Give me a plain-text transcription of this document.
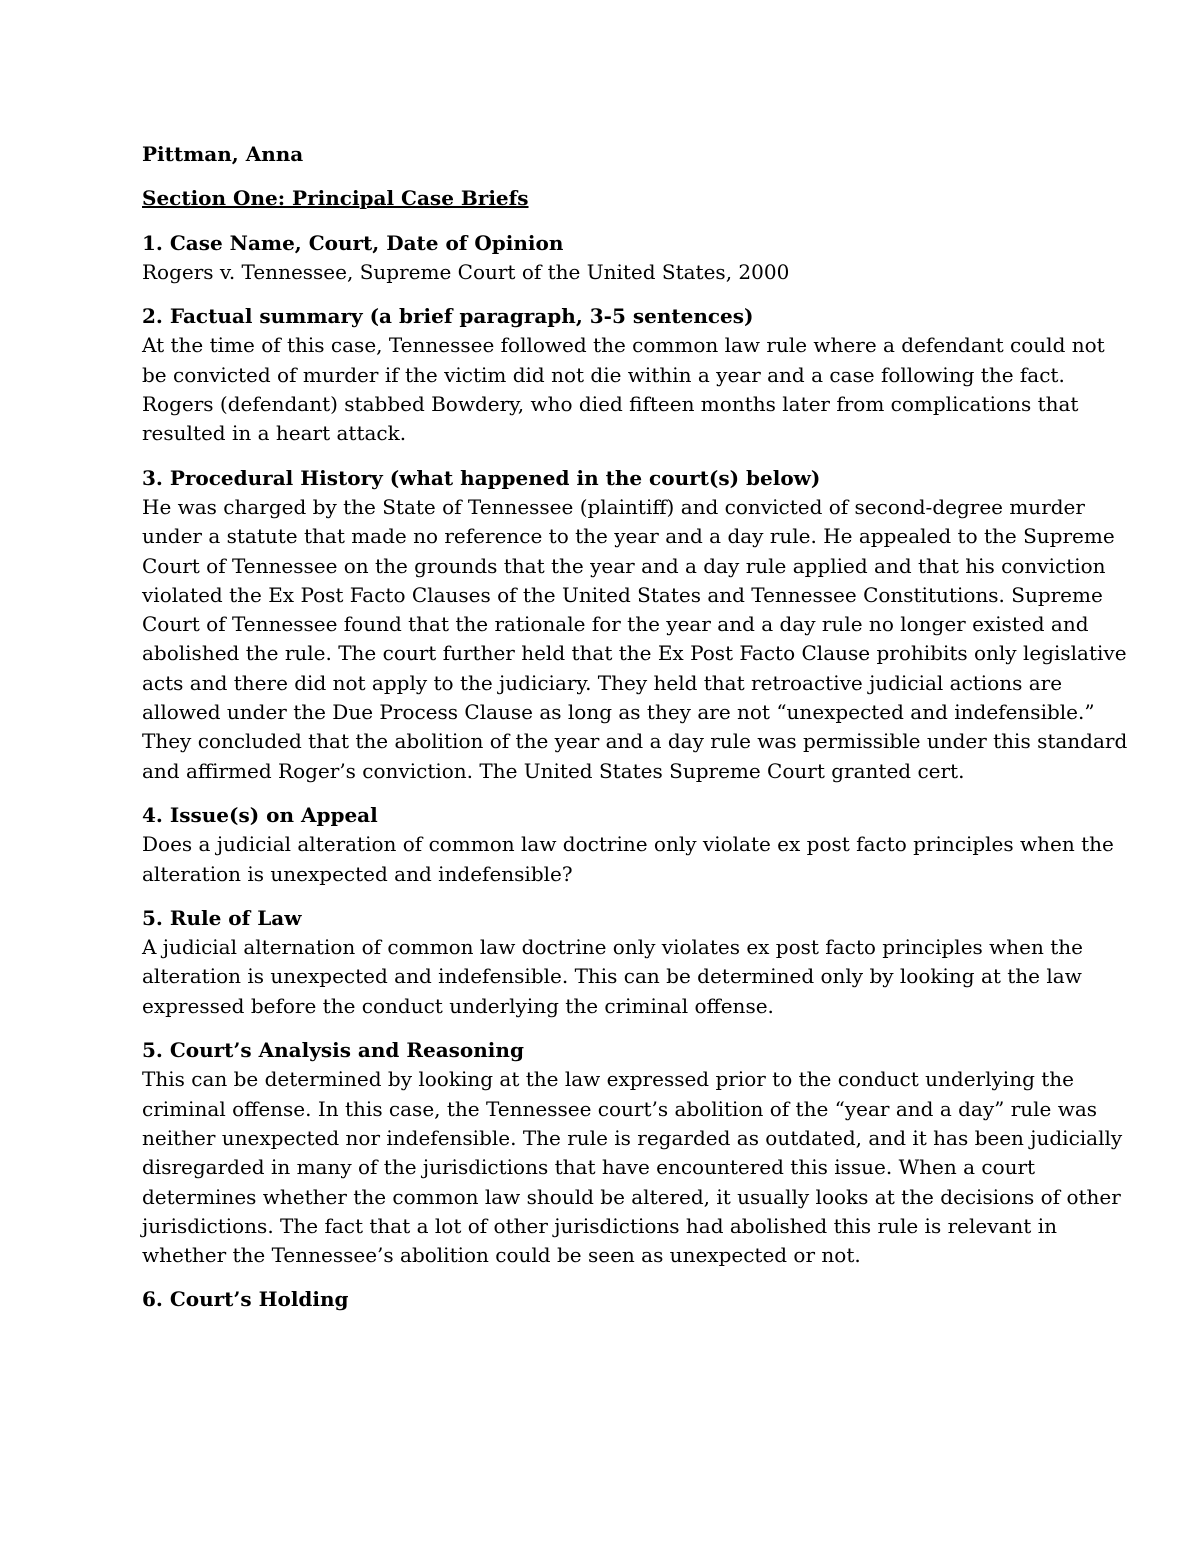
Pittman, Anna

Section One: Principal Case Briefs

1. Case Name, Court, Date of Opinion

Rogers v. Tennessee, Supreme Court of the United States, 2000

2. Factual summary (a brief paragraph, 3-5 sentences)

At the time of this case, Tennessee followed the common law rule where a defendant could not

be convicted of murder if the victim did not die within a year and a case following the fact.

Rogers (defendant) stabbed Bowdery, who died fifteen months later from complications that

resulted in a heart attack.

3. Procedural History (what happened in the court(s) below)

He was charged by the State of Tennessee (plaintiff) and convicted of second-degree murder

under a statute that made no reference to the year and a day rule. He appealed to the Supreme

Court of Tennessee on the grounds that the year and a day rule applied and that his conviction

violated the Ex Post Facto Clauses of the United States and Tennessee Constitutions. Supreme

Court of Tennessee found that the rationale for the year and a day rule no longer existed and

abolished the rule. The court further held that the Ex Post Facto Clause prohibits only legislative

acts and there did not apply to the judiciary. They held that retroactive judicial actions are

allowed under the Due Process Clause as long as they are not “unexpected and indefensible.”

They concluded that the abolition of the year and a day rule was permissible under this standard

and affirmed Roger’s conviction. The United States Supreme Court granted cert.

4. Issue(s) on Appeal

Does a judicial alteration of common law doctrine only violate ex post facto principles when the

alteration is unexpected and indefensible?

5. Rule of Law

A judicial alternation of common law doctrine only violates ex post facto principles when the

alteration is unexpected and indefensible. This can be determined only by looking at the law

expressed before the conduct underlying the criminal offense.

5. Court’s Analysis and Reasoning

This can be determined by looking at the law expressed prior to the conduct underlying the

criminal offense. In this case, the Tennessee court’s abolition of the “year and a day” rule was

neither unexpected nor indefensible. The rule is regarded as outdated, and it has been judicially

disregarded in many of the jurisdictions that have encountered this issue. When a court

determines whether the common law should be altered, it usually looks at the decisions of other

jurisdictions. The fact that a lot of other jurisdictions had abolished this rule is relevant in

whether the Tennessee’s abolition could be seen as unexpected or not.

6. Court’s Holding
